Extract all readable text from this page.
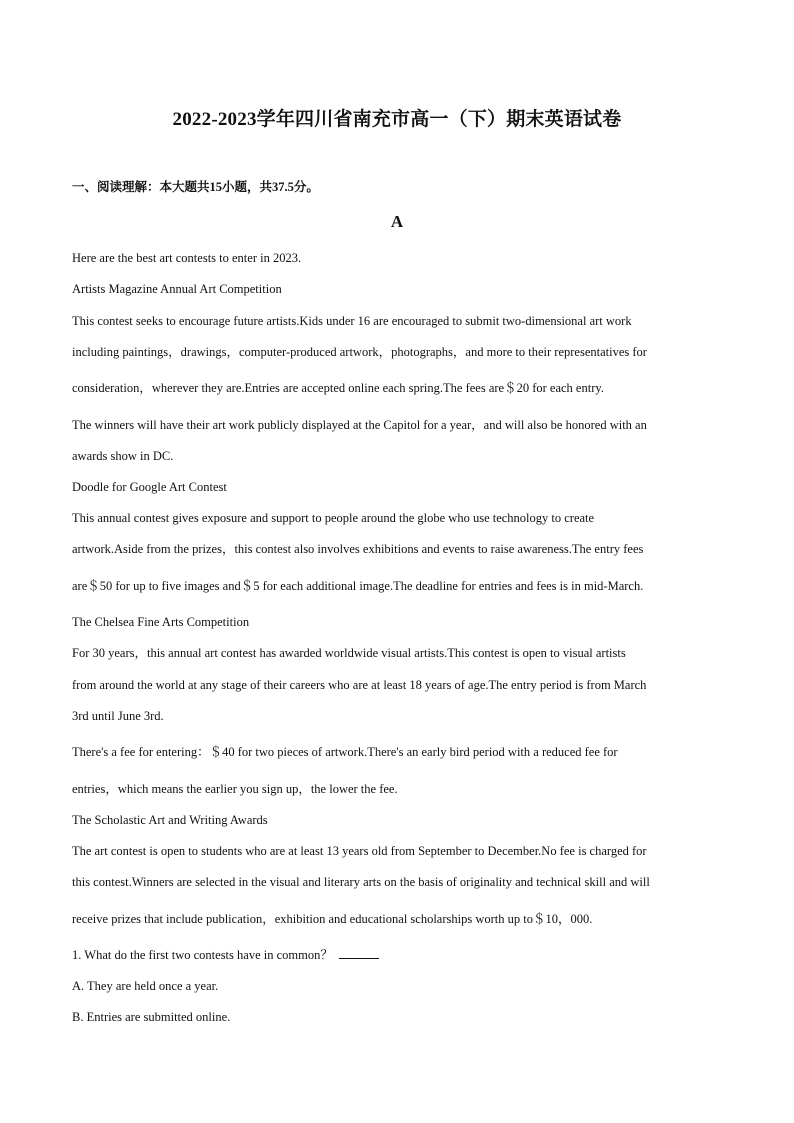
2022-2023学年四川省南充市高一（下）期末英语试卷
一、阅读理解：本大题共15小题，共37.5分。
A
Here are the best art contests to enter in 2023.
Artists Magazine Annual Art Competition
This contest seeks to encourage future artists.Kids under 16 are encouraged to submit two-dimensional art work
including paintings，drawings，computer-produced artwork，photographs，and more to their representatives for
consideration，wherever they are.Entries are accepted online each spring.The fees are＄20 for each entry.
The winners will have their art work publicly displayed at the Capitol for a year，and will also be honored with an
awards show in DC.
Doodle for Google Art Contest
This annual contest gives exposure and support to people around the globe who use technology to create
artwork.Aside from the prizes，this contest also involves exhibitions and events to raise awareness.The entry fees
are＄50 for up to five images and＄5 for each additional image.The deadline for entries and fees is in mid-March.
The Chelsea Fine Arts Competition
For 30 years，this annual art contest has awarded worldwide visual artists.This contest is open to visual artists
from around the world at any stage of their careers who are at least 18 years of age.The entry period is from March
3rd until June 3rd.
There's a fee for entering：＄40 for two pieces of artwork.There's an early bird period with a reduced fee for
entries，which means the earlier you sign up，the lower the fee.
The Scholastic Art and Writing Awards
The art contest is open to students who are at least 13 years old from September to December.No fee is charged for
this contest.Winners are selected in the visual and literary arts on the basis of originality and technical skill and will
receive prizes that include publication，exhibition and educational scholarships worth up to＄10，000.
1. What do the first two contests have in common？
A. They are held once a year.
B. Entries are submitted online.
